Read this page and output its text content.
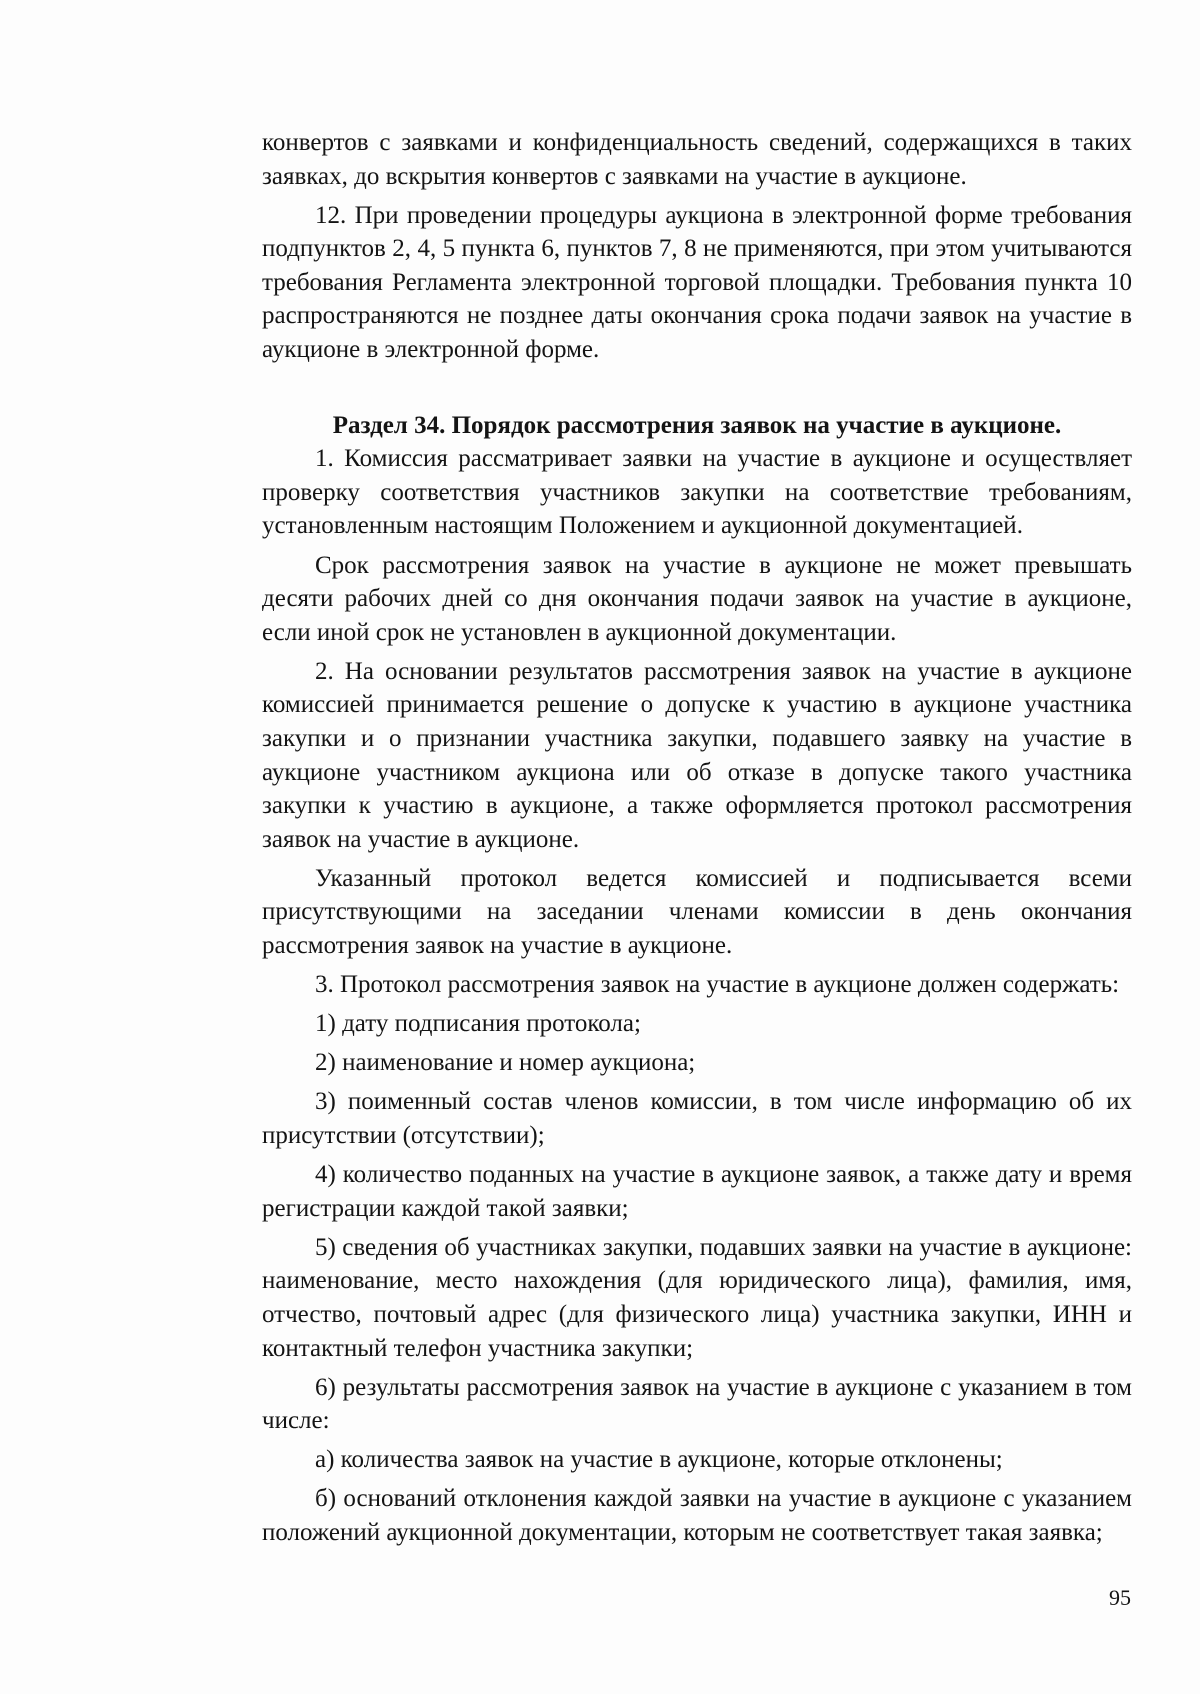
конвертов с заявками и конфиденциальность сведений, содержащихся в таких заявках, до вскрытия конвертов с заявками на участие в аукционе.

12. При проведении процедуры аукциона в электронной форме требования подпунктов 2, 4, 5 пункта 6, пунктов 7, 8 не применяются, при этом учитываются требования Регламента электронной торговой площадки. Требования пункта 10 распространяются не позднее даты окончания срока подачи заявок на участие в аукционе в электронной форме.

Раздел 34. Порядок рассмотрения заявок на участие в аукционе.

1. Комиссия рассматривает заявки на участие в аукционе и осуществляет проверку соответствия участников закупки на соответствие требованиям, установленным настоящим Положением и аукционной документацией.

Срок рассмотрения заявок на участие в аукционе не может превышать десяти рабочих дней со дня окончания подачи заявок на участие в аукционе, если иной срок не установлен в аукционной документации.

2. На основании результатов рассмотрения заявок на участие в аукционе комиссией принимается решение о допуске к участию в аукционе участника закупки и о признании участника закупки, подавшего заявку на участие в аукционе участником аукциона или об отказе в допуске такого участника закупки к участию в аукционе, а также оформляется протокол рассмотрения заявок на участие в аукционе.

Указанный протокол ведется комиссией и подписывается всеми присутствующими на заседании членами комиссии в день окончания рассмотрения заявок на участие в аукционе.

3. Протокол рассмотрения заявок на участие в аукционе должен содержать:

1) дату подписания протокола;

2) наименование и номер аукциона;

3) поименный состав членов комиссии, в том числе информацию об их присутствии (отсутствии);

4) количество поданных на участие в аукционе заявок, а также дату и время регистрации каждой такой заявки;

5) сведения об участниках закупки, подавших заявки на участие в аукционе: наименование, место нахождения (для юридического лица), фамилия, имя, отчество, почтовый адрес (для физического лица) участника закупки, ИНН и контактный телефон участника закупки;

6) результаты рассмотрения заявок на участие в аукционе с указанием в том числе:

а) количества заявок на участие в аукционе, которые отклонены;

б) оснований отклонения каждой заявки на участие в аукционе с указанием положений аукционной документации, которым не соответствует такая заявка;

95
